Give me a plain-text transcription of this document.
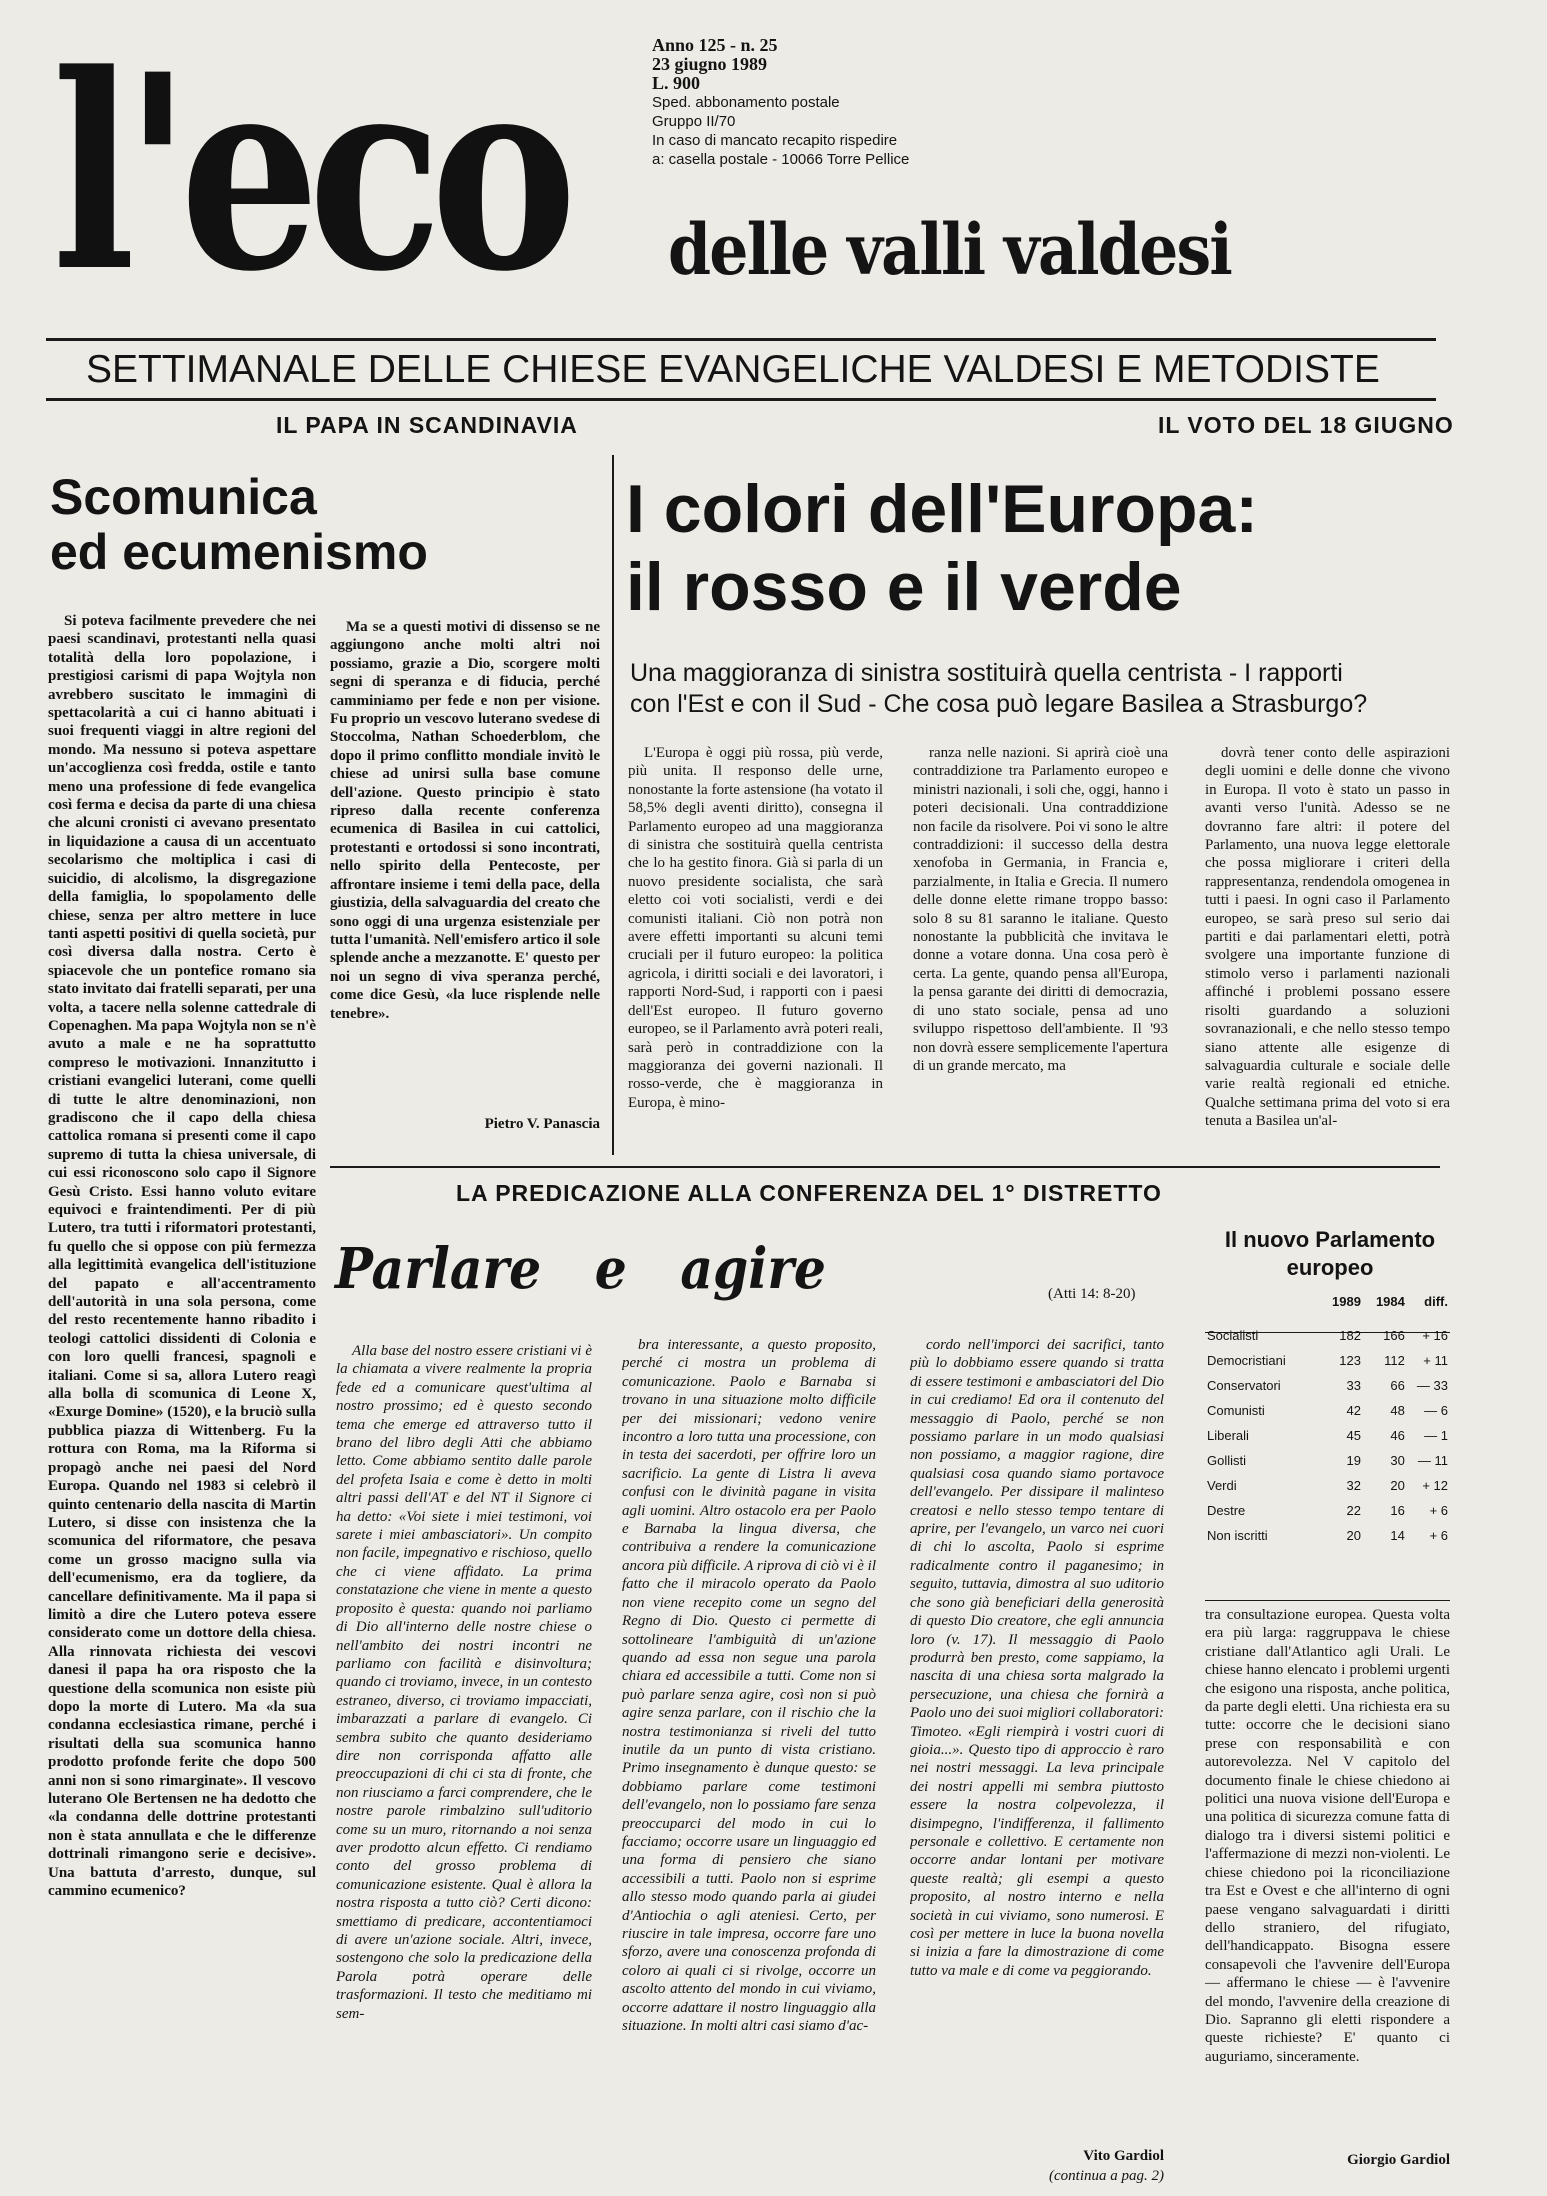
l'eco	Anno 125 - n. 25
23 giugno 1989
L. 900
Sped. abbonamento postale
Gruppo II/70
In caso di mancato recapito rispedire
a: casella postale - 10066 Torre Pellice
delle valli valdesi
SETTIMANALE DELLE CHIESE EVANGELICHE VALDESI E METODISTE
IL PAPA IN SCANDINAVIA
Scomunica
ed ecumenismo

Si poteva facilmente prevedere che nei paesi scandinavi, protestanti nella quasi totalità della loro popolazione, i prestigiosi carismi di papa Wojtyla non avrebbero suscitato le immaginì di spettacolarità a cui ci hanno abituati i suoi frequenti viaggi in altre regioni del mondo. Ma nessuno si poteva aspettare un'accoglienza così fredda, ostile e tanto meno una professione di fede evangelica così ferma e decisa da parte di una chiesa che alcuni cronisti ci avevano presentato in liquidazione a causa di un accentuato secolarismo che moltiplica i casi di suicidio, di alcolismo, la disgregazione della famiglia, lo spopolamento delle chiese, senza per altro mettere in luce tanti aspetti positivi di quella società, pur così diversa dalla nostra. Certo è spiacevole che un pontefice romano sia stato invitato dai fratelli separati, per una volta, a tacere nella solenne cattedrale di Copenaghen. Ma papa Wojtyla non se n'è avuto a male e ne ha soprattutto compreso le motivazioni. Innanzitutto i cristiani evangelici luterani, come quelli di tutte le altre denominazioni, non gradiscono che il capo della chiesa cattolica romana si presenti come il capo supremo di tutta la chiesa universale, di cui essi riconoscono solo capo il Signore Gesù Cristo. Essi hanno voluto evitare equivoci e fraintendimenti. Per di più Lutero, tra tutti i riformatori protestanti, fu quello che si oppose con più fermezza alla legittimità evangelica dell'istituzione del papato e all'accentramento dell'autorità in una sola persona, come del resto recentemente hanno ribadito i teologi cattolici dissidenti di Colonia e con loro quelli francesi, spagnoli e italiani. Come si sa, allora Lutero reagì alla bolla di scomunica di Leone X, «Exurge Domine» (1520), e la bruciò sulla pubblica piazza di Wittenberg. Fu la rottura con Roma, ma la Riforma si propagò anche nei paesi del Nord Europa. Quando nel 1983 si celebrò il quinto centenario della nascita di Martin Lutero, si disse con insistenza che la scomunica del riformatore, che pesava come un grosso macigno sulla via dell'ecumenismo, era da togliere, da cancellare definitivamente. Ma il papa si limitò a dire che Lutero poteva essere considerato come un dottore della chiesa. Alla rinnovata richiesta dei vescovi danesi il papa ha ora risposto che la questione della scomunica non esiste più dopo la morte di Lutero. Ma «la sua condanna ecclesiastica rimane, perché i risultati della sua scomunica hanno prodotto profonde ferite che dopo 500 anni non si sono rimarginate». Il vescovo luterano Ole Bertensen ne ha dedotto che «la condanna delle dottrine protestanti non è stata annullata e che le differenze dottrinali rimangono serie e decisive». Una battuta d'arresto, dunque, sul cammino ecumenico?

Ma se a questi motivi di dissenso se ne aggiungono anche molti altri noi possiamo, grazie a Dio, scorgere molti segni di speranza e di fiducia, perché camminiamo per fede e non per visione. Fu proprio un vescovo luterano svedese di Stoccolma, Nathan Schoederblom, che dopo il primo conflitto mondiale invitò le chiese ad unirsi sulla base comune dell'azione. Questo principio è stato ripreso dalla recente conferenza ecumenica di Basilea in cui cattolici, protestanti e ortodossi si sono incontrati, nello spirito della Pentecoste, per affrontare insieme i temi della pace, della giustizia, della salvaguardia del creato che sono oggi di una urgenza esistenziale per tutta l'umanità. Nell'emisfero artico il sole splende anche a mezzanotte. E' questo per noi un segno di viva speranza perché, come dice Gesù, «la luce risplende nelle tenebre».

Pietro V. Panascia
IL VOTO DEL 18 GIUGNO
I colori dell'Europa:
il rosso e il verde
Una maggioranza di sinistra sostituirà quella centrista - I rapporti
con l'Est e con il Sud - Che cosa può legare Basilea a Strasburgo?

L'Europa è oggi più rossa, più verde, più unita. Il responso delle urne, nonostante la forte astensione (ha votato il 58,5% degli aventi diritto), consegna il Parlamento europeo ad una maggioranza di sinistra che sostituirà quella centrista che lo ha gestito finora. Già si parla di un nuovo presidente socialista, che sarà eletto coi voti socialisti, verdi e dei comunisti italiani. Ciò non potrà non avere effetti importanti su alcuni temi cruciali per il futuro europeo: la politica agricola, i diritti sociali e dei lavoratori, i rapporti Nord-Sud, i rapporti con i paesi dell'Est europeo. Il futuro governo europeo, se il Parlamento avrà poteri reali, sarà però in contraddizione con la maggioranza dei governi nazionali. Il rosso-verde, che è maggioranza in Europa, è mino-

ranza nelle nazioni. Si aprirà cioè una contraddizione tra Parlamento europeo e ministri nazionali, i soli che, oggi, hanno i poteri decisionali. Una contraddizione non facile da risolvere. Poi vi sono le altre contraddizioni: il successo della destra xenofoba in Germania, in Francia e, parzialmente, in Italia e Grecia. Il numero delle donne elette rimane troppo basso: solo 8 su 81 saranno le italiane. Questo nonostante la pubblicità che invitava le donne a votare donna. Una cosa però è certa. La gente, quando pensa all'Europa, la pensa garante dei diritti di democrazia, di uno stato sociale, pensa ad uno sviluppo rispettoso dell'ambiente. Il '93 non dovrà essere semplicemente l'apertura di un grande mercato, ma

dovrà tener conto delle aspirazioni degli uomini e delle donne che vivono in Europa. Il voto è stato un passo in avanti verso l'unità. Adesso se ne dovranno fare altri: il potere del Parlamento, una nuova legge elettorale che possa migliorare i criteri della rappresentanza, rendendola omogenea in tutti i paesi. In ogni caso il Parlamento europeo, se sarà preso sul serio dai partiti e dai parlamentari eletti, potrà svolgere una importante funzione di stimolo verso i parlamenti nazionali affinché i problemi possano essere risolti guardando a soluzioni sovranazionali, e che nello stesso tempo siano attente alle esigenze di salvaguardia culturale e sociale delle varie realtà regionali ed etniche. Qualche settimana prima del voto si era tenuta a Basilea un'al-

LA PREDICAZIONE ALLA CONFERENZA DEL 1° DISTRETTO
Parlare e agire	(Atti 14: 8-20)

Alla base del nostro essere cristiani vi è la chiamata a vivere realmente la propria fede ed a comunicare quest'ultima al nostro prossimo; ed è questo secondo tema che emerge ed attraverso tutto il brano del libro degli Atti che abbiamo letto. Come abbiamo sentito dalle parole del profeta Isaia e come è detto in molti altri passi dell'AT e del NT il Signore ci ha detto: «Voi siete i miei testimoni, voi sarete i miei ambasciatori». Un compito non facile, impegnativo e rischioso, quello che ci viene affidato. La prima constatazione che viene in mente a questo proposito è questa: quando noi parliamo di Dio all'interno delle nostre chiese o nell'ambito dei nostri incontri ne parliamo con facilità e disinvoltura; quando ci troviamo, invece, in un contesto estraneo, diverso, ci troviamo impacciati, imbarazzati a parlare di evangelo. Ci sembra subito che quanto desideriamo dire non corrisponda affatto alle preoccupazioni di chi ci sta di fronte, che non riusciamo a farci comprendere, che le nostre parole rimbalzino sull'uditorio come su un muro, ritornando a noi senza aver prodotto alcun effetto. Ci rendiamo conto del grosso problema di comunicazione esistente. Qual è allora la nostra risposta a tutto ciò? Certi dicono: smettiamo di predicare, accontentiamoci di avere un'azione sociale. Altri, invece, sostengono che solo la predicazione della Parola potrà operare delle trasformazioni. Il testo che meditiamo mi sem-

bra interessante, a questo proposito, perché ci mostra un problema di comunicazione. Paolo e Barnaba si trovano in una situazione molto difficile per dei missionari; vedono venire incontro a loro tutta una processione, con in testa dei sacerdoti, per offrire loro un sacrificio. La gente di Listra li aveva confusi con le divinità pagane in visita agli uomini. Altro ostacolo era per Paolo e Barnaba la lingua diversa, che contribuiva a rendere la comunicazione ancora più difficile. A riprova di ciò vi è il fatto che il miracolo operato da Paolo non viene recepito come un segno del Regno di Dio. Questo ci permette di sottolineare l'ambiguità di un'azione quando ad essa non segue una parola chiara ed accessibile a tutti. Come non si può parlare senza agire, così non si può agire senza parlare, con il rischio che la nostra testimonianza si riveli del tutto inutile da un punto di vista cristiano. Primo insegnamento è dunque questo: se dobbiamo parlare come testimoni dell'evangelo, non lo possiamo fare senza preoccuparci del modo in cui lo facciamo; occorre usare un linguaggio ed una forma di pensiero che siano accessibili a tutti. Paolo non si esprime allo stesso modo quando parla ai giudei d'Antiochia o agli ateniesi. Certo, per riuscire in tale impresa, occorre fare uno sforzo, avere una conoscenza profonda di coloro ai quali ci si rivolge, occorre un ascolto attento del mondo in cui viviamo, occorre adattare il nostro linguaggio alla situazione. In molti altri casi siamo d'ac-

cordo nell'imporci dei sacrifici, tanto più lo dobbiamo essere quando si tratta di essere testimoni e ambasciatori del Dio in cui crediamo! Ed ora il contenuto del messaggio di Paolo, perché se non possiamo parlare in un modo qualsiasi non possiamo, a maggior ragione, dire qualsiasi cosa quando siamo portavoce dell'evangelo. Per dissipare il malinteso creatosi e nello stesso tempo tentare di aprire, per l'evangelo, un varco nei cuori di chi lo ascolta, Paolo si esprime radicalmente contro il paganesimo; in seguito, tuttavia, dimostra al suo uditorio che sono già beneficiari della generosità di questo Dio creatore, che egli annuncia loro (v. 17). Il messaggio di Paolo produrrà ben presto, come sappiamo, la nascita di una chiesa sorta malgrado la persecuzione, una chiesa che fornirà a Paolo uno dei suoi migliori collaboratori: Timoteo. «Egli riempirà i vostri cuori di gioia...». Questo tipo di approccio è raro nei nostri messaggi. La leva principale dei nostri appelli mi sembra piuttosto essere la nostra colpevolezza, il disimpegno, l'indifferenza, il fallimento personale e collettivo. E certamente non occorre andar lontani per motivare queste realtà; gli esempi a questo proposito, al nostro interno e nella società in cui viviamo, sono numerosi. E così per mettere in luce la buona novella si inizia a fare la dimostrazione di come tutto va male e di come va peggiorando.

Vito Gardiol
(continua a pag. 2)
Il nuovo Parlamento
europeo
	1989	1984	diff.

Socialisti	182	166	+ 16
Democristiani	123	112	+ 11
Conservatori	33	66	— 33
Comunisti	42	48	— 6
Liberali	45	46	— 1
Gollisti	19	30	— 11
Verdi	32	20	+ 12
Destre	22	16	+ 6
Non iscritti	20	14	+ 6

tra consultazione europea. Questa volta era più larga: raggruppava le chiese cristiane dall'Atlantico agli Urali. Le chiese hanno elencato i problemi urgenti che esigono una risposta, anche politica, da parte degli eletti. Una richiesta era su tutte: occorre che le decisioni siano prese con responsabilità e con autorevolezza. Nel V capitolo del documento finale le chiese chiedono ai politici una nuova visione dell'Europa e una politica di sicurezza comune fatta di dialogo tra i diversi sistemi politici e l'affermazione di mezzi non-violenti. Le chiese chiedono poi la riconciliazione tra Est e Ovest e che all'interno di ogni paese vengano salvaguardati i diritti dello straniero, del rifugiato, dell'handicappato. Bisogna essere consapevoli che l'avvenire dell'Europa — affermano le chiese — è l'avvenire del mondo, l'avvenire della creazione di Dio. Sapranno gli eletti rispondere a queste richieste? E' quanto ci auguriamo, sinceramente.

Giorgio Gardiol
